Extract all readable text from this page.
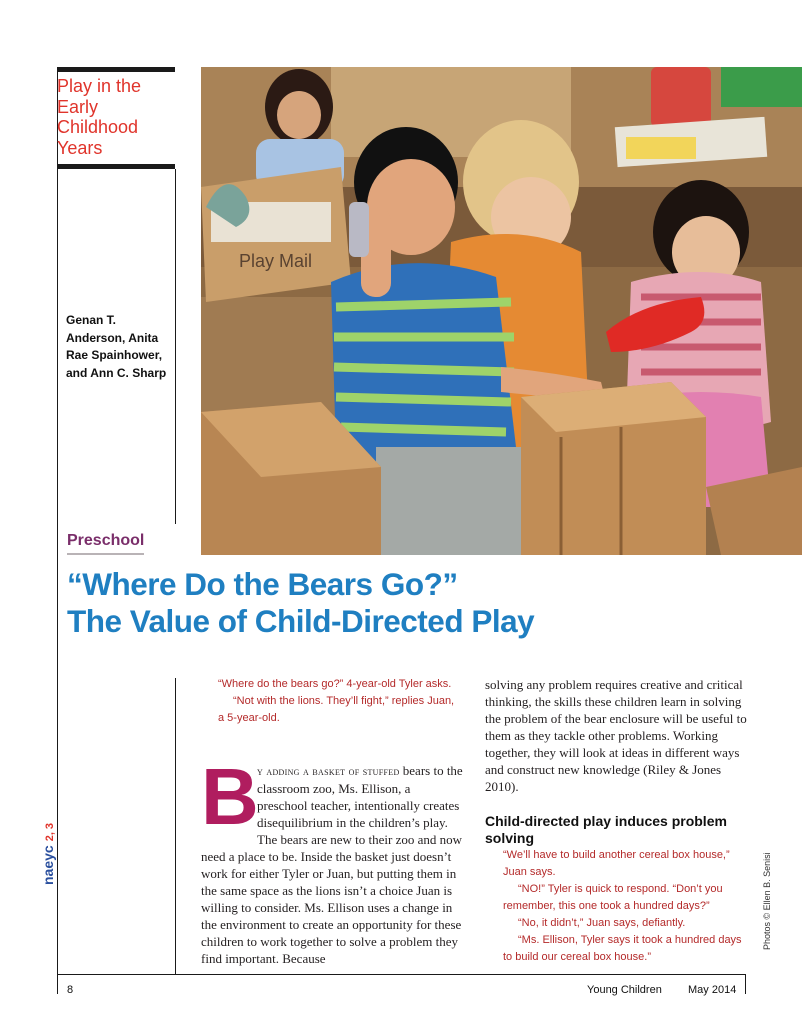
Play in the Early Childhood Years
Genan T. Anderson, Anita Rae Spainhower, and Ann C. Sharp
Play Mail
Photos © Ellen B. Senisi
Preschool
“Where Do the Bears Go?”
The Value of Child-Directed Play

“Where do the bears go?” 4-year-old Tyler asks.

“Not with the lions. They’ll fight,” replies Juan, a 5-year-old.

B
y adding a basket of stuffed bears to the classroom zoo, Ms. Ellison, a preschool teacher, intentionally creates disequilibrium in the children’s play. The bears are new to their zoo and now need a place to be. Inside the basket just doesn’t work for either Tyler or Juan, but putting them in the same space as the lions isn’t a choice Juan is willing to consider. Ms. Ellison uses a change in the environment to create an opportunity for these children to work together to solve a problem they find important. Because

solving any problem requires creative and critical thinking, the skills these children learn in solving the problem of the bear enclosure will be useful to them as they tackle other problems. Working together, they will look at ideas in different ways and construct new knowledge (Riley & Jones 2010).

Child-directed play induces problem solving

“We’ll have to build another cereal box house,” Juan says.

“NO!” Tyler is quick to respond. “Don’t you remember, this one took a hundred days?”

“No, it didn’t,” Juan says, defiantly.

“Ms. Ellison, Tyler says it took a hundred days to build our cereal box house.”

naeyc
2, 3
8	Young Children May 2014
